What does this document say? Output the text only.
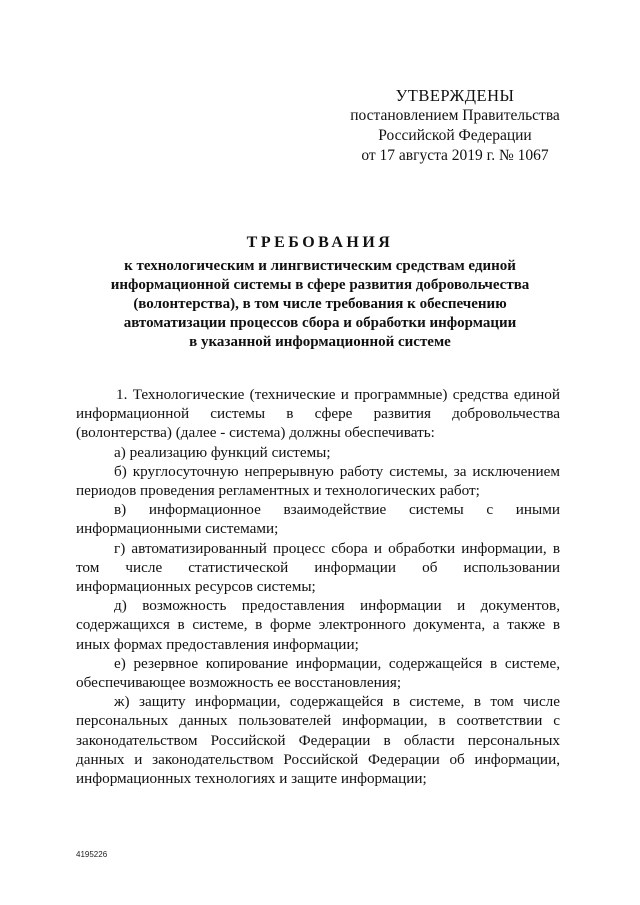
УТВЕРЖДЕНЫ
постановлением Правительства
Российской Федерации
от 17 августа 2019 г. № 1067
ТРЕБОВАНИЯ
к технологическим и лингвистическим средствам единой
информационной системы в сфере развития добровольчества
(волонтерства), в том числе требования к обеспечению
автоматизации процессов сбора и обработки информации
в указанной информационной системе

1. Технологические (технические и программные) средства единой информационной системы в сфере развития добровольчества (волонтерства) (далее - система) должны обеспечивать:

а) реализацию функций системы;

б) круглосуточную непрерывную работу системы, за исключением периодов проведения регламентных и технологических работ;

в) информационное взаимодействие системы с иными информационными системами;

г) автоматизированный процесс сбора и обработки информации, в том числе статистической информации об использовании информационных ресурсов системы;

д) возможность предоставления информации и документов, содержащихся в системе, в форме электронного документа, а также в иных формах предоставления информации;

е) резервное копирование информации, содержащейся в системе, обеспечивающее возможность ее восстановления;

ж) защиту информации, содержащейся в системе, в том числе персональных данных пользователей информации, в соответствии с законодательством Российской Федерации в области персональных данных и законодательством Российской Федерации об информации, информационных технологиях и защите информации;

4195226
